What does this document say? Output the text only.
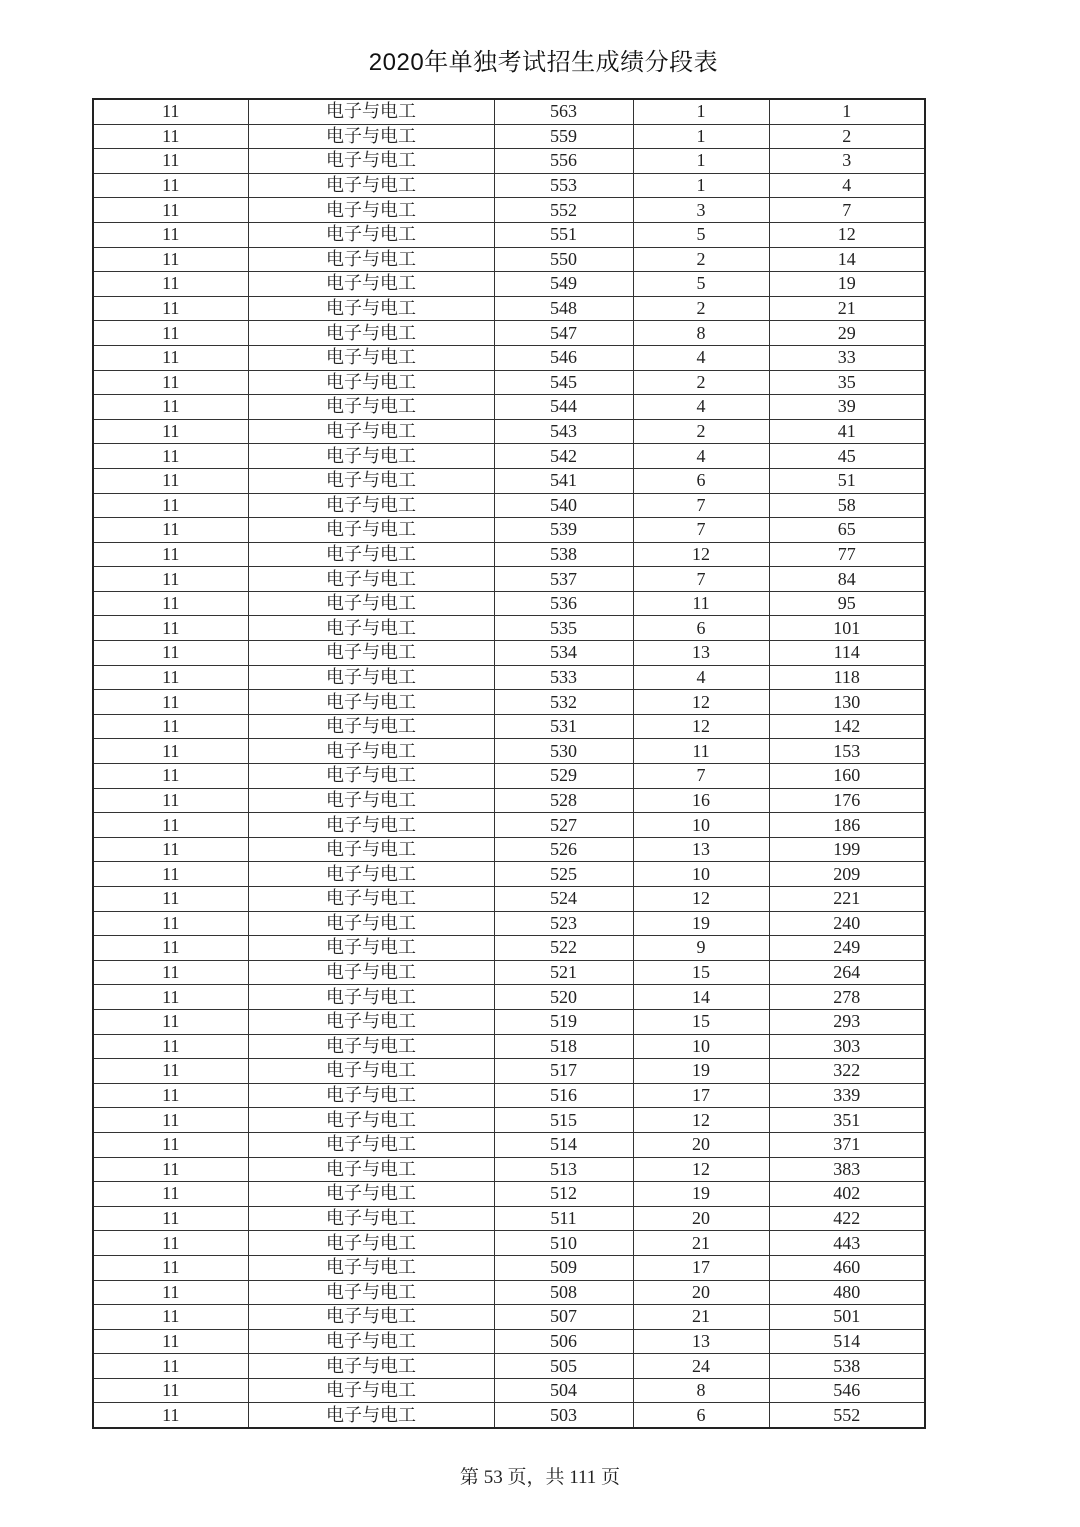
2020年单独考试招生成绩分段表
11	电子与电工	563	1	1
11	电子与电工	559	1	2
11	电子与电工	556	1	3
11	电子与电工	553	1	4
11	电子与电工	552	3	7
11	电子与电工	551	5	12
11	电子与电工	550	2	14
11	电子与电工	549	5	19
11	电子与电工	548	2	21
11	电子与电工	547	8	29
11	电子与电工	546	4	33
11	电子与电工	545	2	35
11	电子与电工	544	4	39
11	电子与电工	543	2	41
11	电子与电工	542	4	45
11	电子与电工	541	6	51
11	电子与电工	540	7	58
11	电子与电工	539	7	65
11	电子与电工	538	12	77
11	电子与电工	537	7	84
11	电子与电工	536	11	95
11	电子与电工	535	6	101
11	电子与电工	534	13	114
11	电子与电工	533	4	118
11	电子与电工	532	12	130
11	电子与电工	531	12	142
11	电子与电工	530	11	153
11	电子与电工	529	7	160
11	电子与电工	528	16	176
11	电子与电工	527	10	186
11	电子与电工	526	13	199
11	电子与电工	525	10	209
11	电子与电工	524	12	221
11	电子与电工	523	19	240
11	电子与电工	522	9	249
11	电子与电工	521	15	264
11	电子与电工	520	14	278
11	电子与电工	519	15	293
11	电子与电工	518	10	303
11	电子与电工	517	19	322
11	电子与电工	516	17	339
11	电子与电工	515	12	351
11	电子与电工	514	20	371
11	电子与电工	513	12	383
11	电子与电工	512	19	402
11	电子与电工	511	20	422
11	电子与电工	510	21	443
11	电子与电工	509	17	460
11	电子与电工	508	20	480
11	电子与电工	507	21	501
11	电子与电工	506	13	514
11	电子与电工	505	24	538
11	电子与电工	504	8	546
11	电子与电工	503	6	552
第 53 页，共 111 页
